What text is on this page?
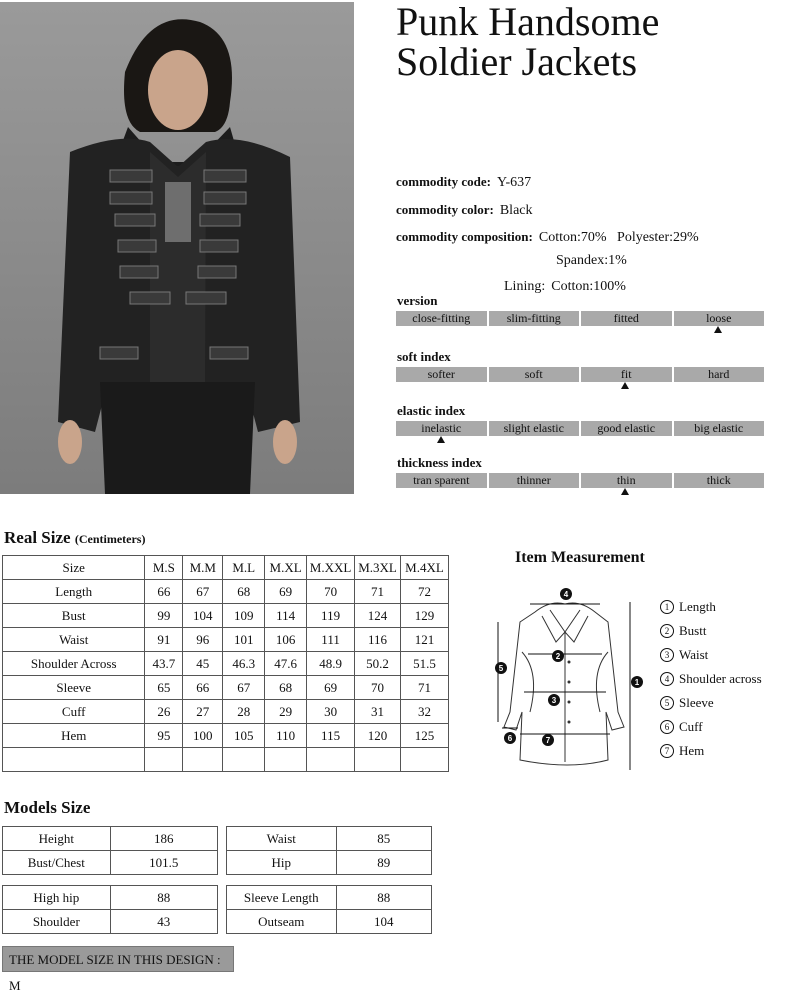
Punk Handsome
Soldier Jackets
commodity code: Y-637
commodity color: Black
commodity composition: Cotton:70%   Polyester:29%
Spandex:1%
Lining: Cotton:100%
version
close-fitting	slim-fitting	fitted	loose
soft index
softer	soft	fit	hard
elastic index
inelastic	slight elastic	good elastic	big elastic
thickness index
tran sparent	thinner	thin	thick
Real Size (Centimeters)
Size	M.S	M.M	M.L	M.XL	M.XXL	M.3XL	M.4XL
Length	66	67	68	69	70	71	72
Bust	99	104	109	114	119	124	129
Waist	91	96	101	106	111	116	121
Shoulder Across	43.7	45	46.3	47.6	48.9	50.2	51.5
Sleeve	65	66	67	68	69	70	71
Cuff	26	27	28	29	30	31	32
Hem	95	100	105	110	115	120	125

Item Measurement
4
2
3
7
5
6
1
1 Length
2 Bustt
3 Waist
4 Shoulder across
5 Sleeve
6 Cuff
7 Hem
Models Size
Height	186
Bust/Chest	101.5
Waist	85
Hip	89
High hip	88
Shoulder	43
Sleeve Length	88
Outseam	104
THE MODEL SIZE IN THIS DESIGN : M
